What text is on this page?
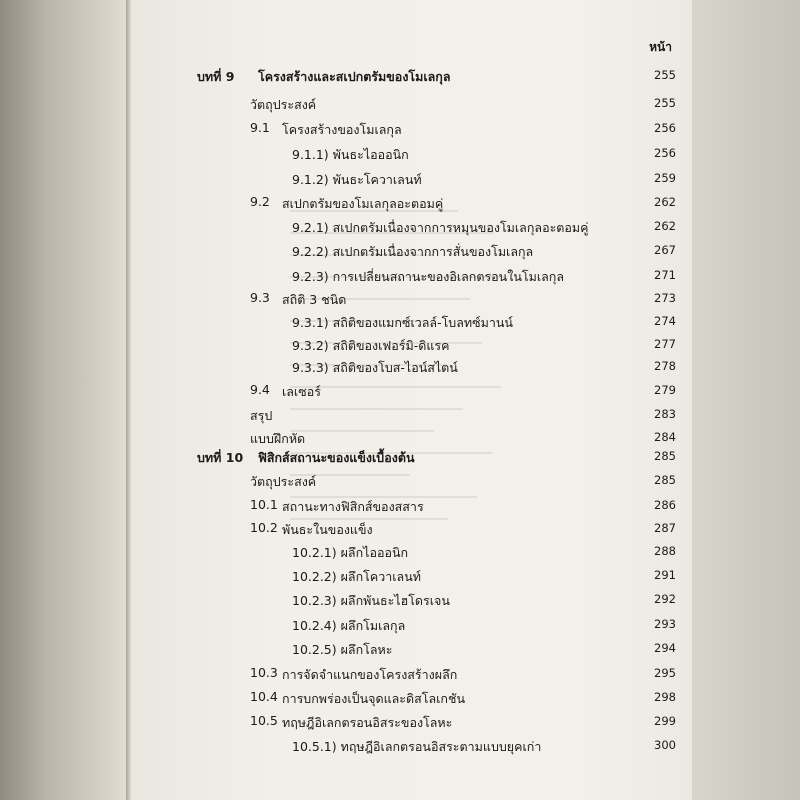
หน้า
บทที่ 9 โครงสร้างและสเปกตรัมของโมเลกุล	255
วัตถุประสงค์	255
9.1 โครงสร้างของโมเลกุล	256
9.1.1) พันธะไอออนิก	256
9.1.2) พันธะโควาเลนท์	259
9.2 สเปกตรัมของโมเลกุลอะตอมคู่	262
9.2.1) สเปกตรัมเนื่องจากการหมุนของโมเลกุลอะตอมคู่	262
9.2.2) สเปกตรัมเนื่องจากการสั่นของโมเลกุล	267
9.2.3) การเปลี่ยนสถานะของอิเลกตรอนในโมเลกุล	271
9.3 สถิติ 3 ชนิด	273
9.3.1) สถิติของแมกซ์เวลล์-โบลทซ์มานน์	274
9.3.2) สถิติของเฟอร์มิ-ดิแรค	277
9.3.3) สถิติของโบส-ไอน์สไตน์	278
9.4 เลเซอร์	279
สรุป	283
แบบฝึกหัด	284
บทที่ 10 ฟิสิกส์สถานะของแข็งเบื้องต้น	285
วัตถุประสงค์	285
10.1 สถานะทางฟิสิกส์ของสสาร	286
10.2 พันธะในของแข็ง	287
10.2.1) ผลึกไอออนิก	288
10.2.2) ผลึกโควาเลนท์	291
10.2.3) ผลึกพันธะไฮโดรเจน	292
10.2.4) ผลึกโมเลกุล	293
10.2.5) ผลึกโลหะ	294
10.3 การจัดจำแนกของโครงสร้างผลึก	295
10.4 การบกพร่องเป็นจุดและดิสโลเกชัน	298
10.5 ทฤษฎีอิเลกตรอนอิสระของโลหะ	299
10.5.1) ทฤษฎีอิเลกตรอนอิสระตามแบบยุคเก่า	300
